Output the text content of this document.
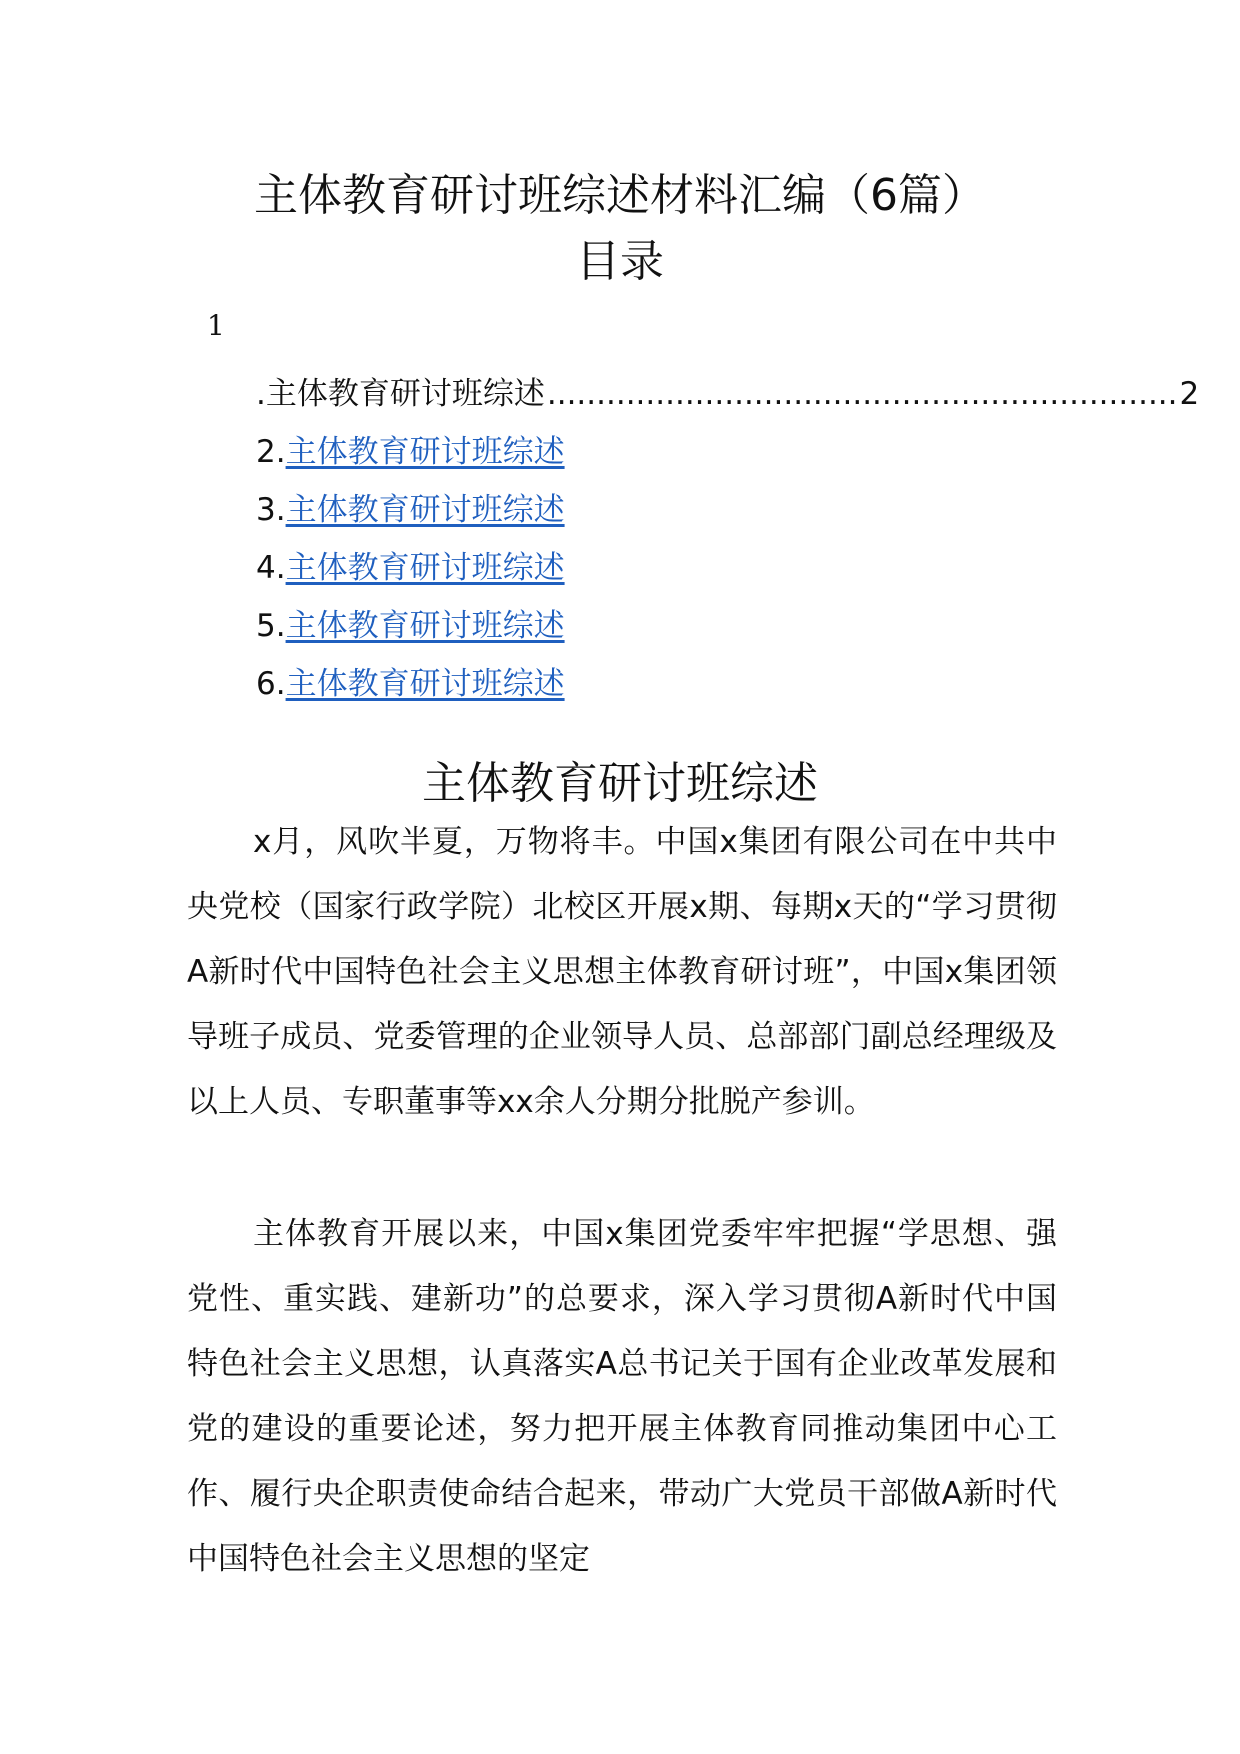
主体教育研讨班综述材料汇编（6篇）
目录
1
.主体教育研讨班综述 ................................................................ 2
2.主体教育研讨班综述
3.主体教育研讨班综述
4.主体教育研讨班综述
5.主体教育研讨班综述
6.主体教育研讨班综述
主体教育研讨班综述

x月，风吹半夏，万物将丰。中国x集团有限公司在中共中央党校（国家行政学院）北校区开展x期、每期x天的“学习贯彻A新时代中国特色社会主义思想主体教育研讨班”，中国x集团领导班子成员、党委管理的企业领导人员、总部部门副总经理级及以上人员、专职董事等xx余人分期分批脱产参训。

主体教育开展以来，中国x集团党委牢牢把握“学思想、强党性、重实践、建新功”的总要求，深入学习贯彻A新时代中国特色社会主义思想，认真落实A总书记关于国有企业改革发展和党的建设的重要论述，努力把开展主体教育同推动集团中心工作、履行央企职责使命结合起来，带动广大党员干部做A新时代中国特色社会主义思想的坚定
